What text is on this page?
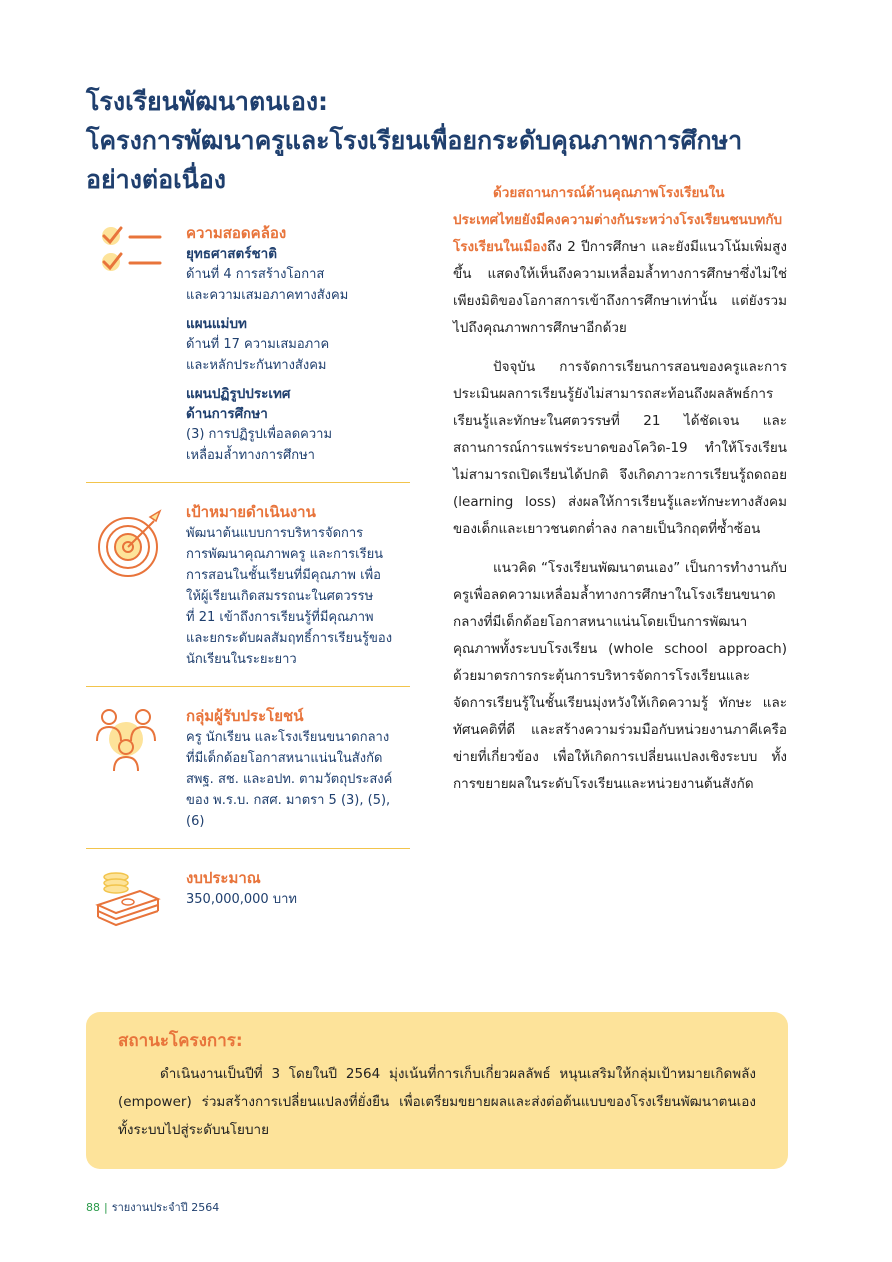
โรงเรียนพัฒนาตนเอง:
โครงการพัฒนาครูและโรงเรียนเพื่อยกระดับคุณภาพการศึกษา
อย่างต่อเนื่อง
ความสอดคล้อง
ยุทธศาสตร์ชาติ
ด้านที่ 4 การสร้างโอกาส
และความเสมอภาคทางสังคม
แผนแม่บท
ด้านที่ 17 ความเสมอภาค
และหลักประกันทางสังคม
แผนปฏิรูปประเทศ
ด้านการศึกษา
(3) การปฏิรูปเพื่อลดความ
เหลื่อมล้ำทางการศึกษา
เป้าหมายดำเนินงาน
พัฒนาต้นแบบการบริหารจัดการ
การพัฒนาคุณภาพครู และการเรียน
การสอนในชั้นเรียนที่มีคุณภาพ เพื่อ
ให้ผู้เรียนเกิดสมรรถนะในศตวรรษ
ที่ 21 เข้าถึงการเรียนรู้ที่มีคุณภาพ
และยกระดับผลสัมฤทธิ์การเรียนรู้ของ
นักเรียนในระยะยาว
กลุ่มผู้รับประโยชน์
ครู นักเรียน และโรงเรียนขนาดกลาง
ที่มีเด็กด้อยโอกาสหนาแน่นในสังกัด
สพฐ. สช. และอปท. ตามวัตถุประสงค์
ของ พ.ร.บ. กสศ. มาตรา 5 (3), (5),
(6)
งบประมาณ
350,000,000 บาท

ด้วยสถานการณ์ด้านคุณภาพโรงเรียนในประเทศไทยยังมีคงความต่างกันระหว่างโรงเรียนชนบทกับโรงเรียนในเมืองถึง 2 ปีการศึกษา และยังมีแนวโน้มเพิ่มสูงขึ้น แสดงให้เห็นถึงความเหลื่อมล้ำทางการศึกษาซึ่งไม่ใช่เพียงมิติของโอกาสการเข้าถึงการศึกษาเท่านั้น แต่ยังรวมไปถึงคุณภาพการศึกษาอีกด้วย

ปัจจุบัน การจัดการเรียนการสอนของครูและการประเมินผลการเรียนรู้ยังไม่สามารถสะท้อนถึงผลลัพธ์การเรียนรู้และทักษะในศตวรรษที่ 21 ได้ชัดเจน และสถานการณ์การแพร่ระบาดของโควิด-19 ทำให้โรงเรียนไม่สามารถเปิดเรียนได้ปกติ จึงเกิดภาวะการเรียนรู้ถดถอย (learning loss) ส่งผลให้การเรียนรู้และทักษะทางสังคมของเด็กและเยาวชนตกต่ำลง กลายเป็นวิกฤตที่ซ้ำซ้อน

แนวคิด “โรงเรียนพัฒนาตนเอง” เป็นการทำงานกับครูเพื่อลดความเหลื่อมล้ำทางการศึกษาในโรงเรียนขนาดกลางที่มีเด็กด้อยโอกาสหนาแน่นโดยเป็นการพัฒนาคุณภาพทั้งระบบโรงเรียน (whole school approach) ด้วยมาตรการกระตุ้นการบริหารจัดการโรงเรียนและจัดการเรียนรู้ในชั้นเรียนมุ่งหวังให้เกิดความรู้ ทักษะ และทัศนคติที่ดี และสร้างความร่วมมือกับหน่วยงานภาคีเครือข่ายที่เกี่ยวข้อง เพื่อให้เกิดการเปลี่ยนแปลงเชิงระบบ ทั้งการขยายผลในระดับโรงเรียนและหน่วยงานต้นสังกัด

สถานะโครงการ:
ดำเนินงานเป็นปีที่ 3 โดยในปี 2564 มุ่งเน้นที่การเก็บเกี่ยวผลลัพธ์ หนุนเสริมให้กลุ่มเป้าหมายเกิดพลัง (empower) ร่วมสร้างการเปลี่ยนแปลงที่ยั่งยืน เพื่อเตรียมขยายผลและส่งต่อต้นแบบของโรงเรียนพัฒนาตนเองทั้งระบบไปสู่ระดับนโยบาย
88 | รายงานประจำปี 2564
